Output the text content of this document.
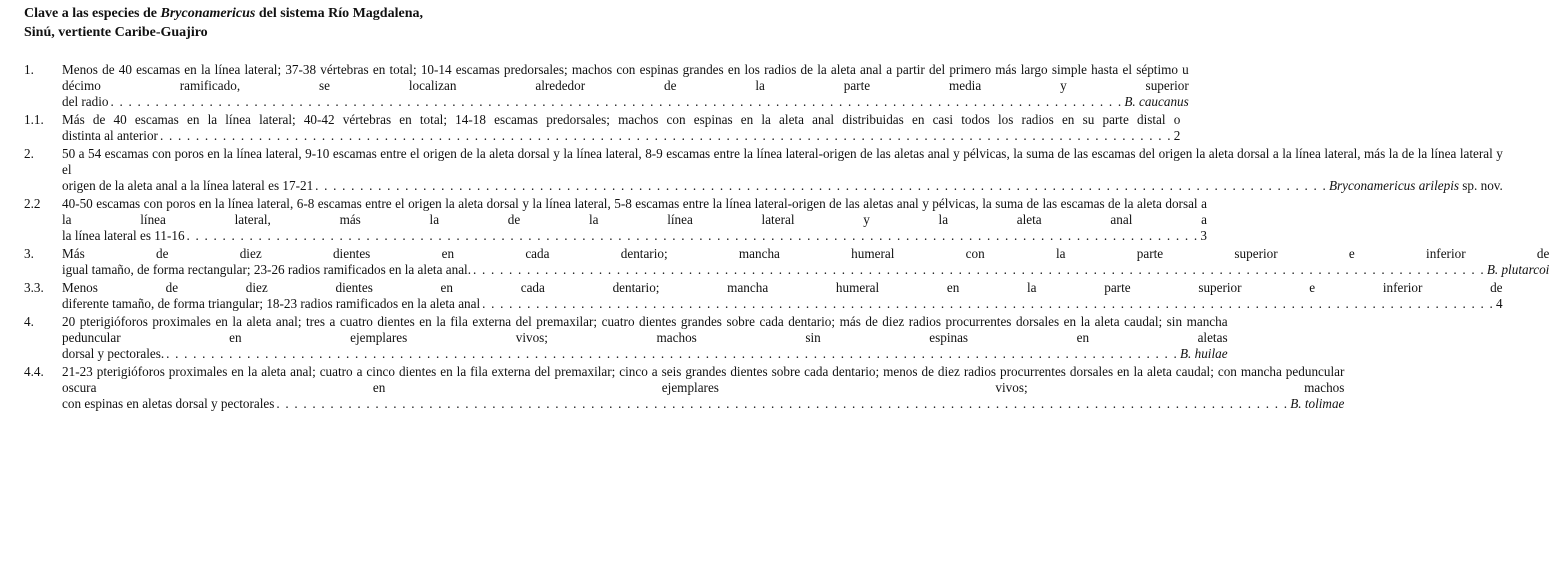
Clave a las especies de Bryconamericus del sistema Río Magdalena,
Sinú, vertiente Caribe-Guajiro
1.	Menos de 40 escamas en la línea lateral; 37-38 vértebras en total; 10-14 escamas predorsales; machos con espinas grandes en los radios de la aleta anal a partir del primero más largo simple hasta el séptimo u décimo ramificado, se localizan alrededor de la parte media y superior
del radio . . .	B. caucanus
1.1.	Más de 40 escamas en la línea lateral; 40-42 vértebras en total; 14-18 escamas predorsales; machos con espinas en la aleta anal distribuidas en casi todos los radios en su parte distal o
distinta al anterior . . .	2
2.	50 a 54 escamas con poros en la línea lateral, 9-10 escamas entre el origen de la aleta dorsal y la línea lateral, 8-9 escamas entre la línea lateral-origen de las aletas anal y pélvicas, la suma de las escamas del origen la aleta dorsal a la línea lateral, más la de la línea lateral y el
origen de la aleta anal a la línea lateral es 17-21 . . .	Bryconamericus arilepis sp. nov.
2.2	40-50 escamas con poros en la línea lateral, 6-8 escamas entre el origen la aleta dorsal y la línea lateral, 5-8 escamas entre la línea lateral-origen de las aletas anal y pélvicas, la suma de las escamas de la aleta dorsal a la línea lateral, más la de la línea lateral y la aleta anal a
la línea lateral es 11-16 . . .	3
3.	Más de diez dientes en cada dentario; mancha humeral con la parte superior e inferior de
igual tamaño, de forma rectangular; 23-26 radios ramificados en la aleta anal. . . .	B. plutarcoi
3.3.	Menos de diez dientes en cada dentario; mancha humeral en la parte superior e inferior de
diferente tamaño, de forma triangular; 18-23 radios ramificados en la aleta anal . . .	4
4.	20 pterigióforos proximales en la aleta anal; tres a cuatro dientes en la fila externa del premaxilar; cuatro dientes grandes sobre cada dentario; más de diez radios procurrentes dorsales en la aleta caudal; sin mancha peduncular en ejemplares vivos; machos sin espinas en aletas
dorsal y pectorales. . . .	B. huilae
4.4.	21-23 pterigióforos proximales en la aleta anal; cuatro a cinco dientes en la fila externa del premaxilar; cinco a seis grandes dientes sobre cada dentario; menos de diez radios procurrentes dorsales en la aleta caudal; con mancha peduncular oscura en ejemplares vivos; machos
con espinas en aletas dorsal y pectorales . . .	B. tolimae
